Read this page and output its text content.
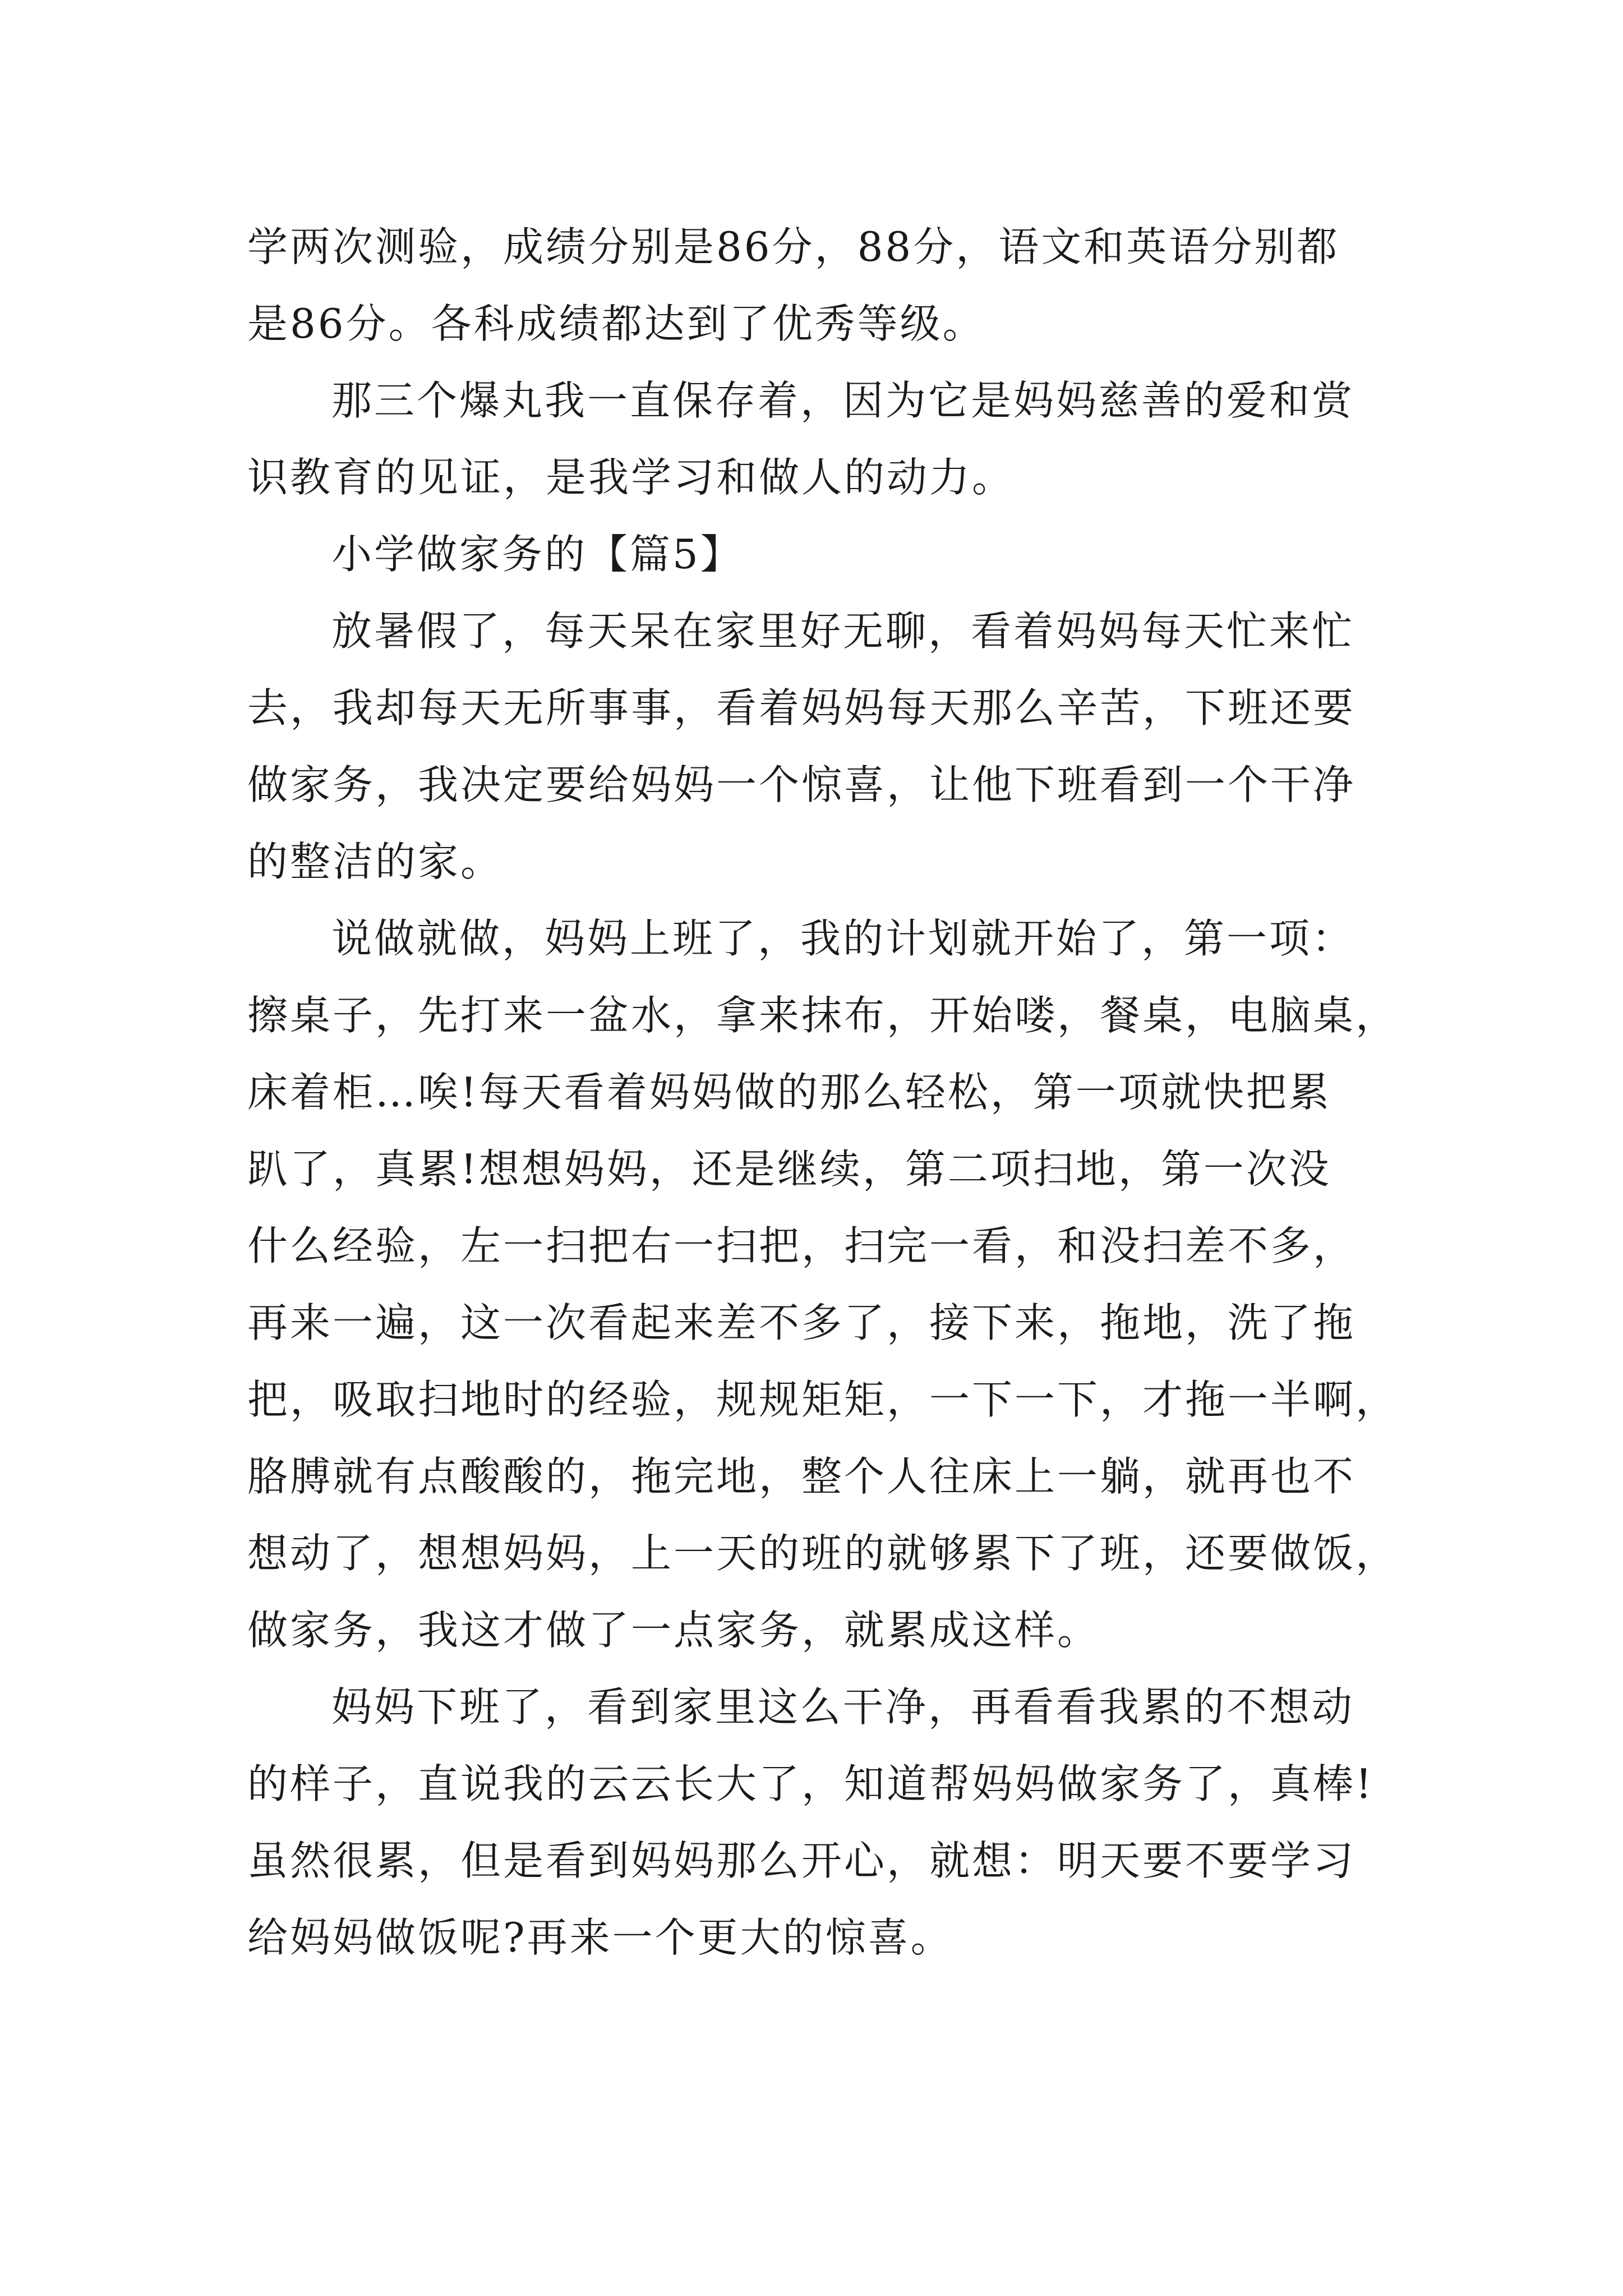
学两次测验，成绩分别是86分，88分，语文和英语分别都
是86分。各科成绩都达到了优秀等级。
那三个爆丸我一直保存着，因为它是妈妈慈善的爱和赏
识教育的见证，是我学习和做人的动力。
小学做家务的【篇5】
放暑假了，每天呆在家里好无聊，看着妈妈每天忙来忙
去，我却每天无所事事，看着妈妈每天那么辛苦，下班还要
做家务，我决定要给妈妈一个惊喜，让他下班看到一个干净
的整洁的家。
说做就做，妈妈上班了，我的计划就开始了，第一项：
擦桌子，先打来一盆水，拿来抹布，开始喽，餐桌，电脑桌，
床着柜…唉!每天看着妈妈做的那么轻松，第一项就快把累
趴了，真累!想想妈妈，还是继续，第二项扫地，第一次没
什么经验，左一扫把右一扫把，扫完一看，和没扫差不多，
再来一遍，这一次看起来差不多了，接下来，拖地，洗了拖
把，吸取扫地时的经验，规规矩矩，一下一下，才拖一半啊，
胳膊就有点酸酸的，拖完地，整个人往床上一躺，就再也不
想动了，想想妈妈，上一天的班的就够累下了班，还要做饭，
做家务，我这才做了一点家务，就累成这样。
妈妈下班了，看到家里这么干净，再看看我累的不想动
的样子，直说我的云云长大了，知道帮妈妈做家务了，真棒!
虽然很累，但是看到妈妈那么开心，就想：明天要不要学习
给妈妈做饭呢?再来一个更大的惊喜。
